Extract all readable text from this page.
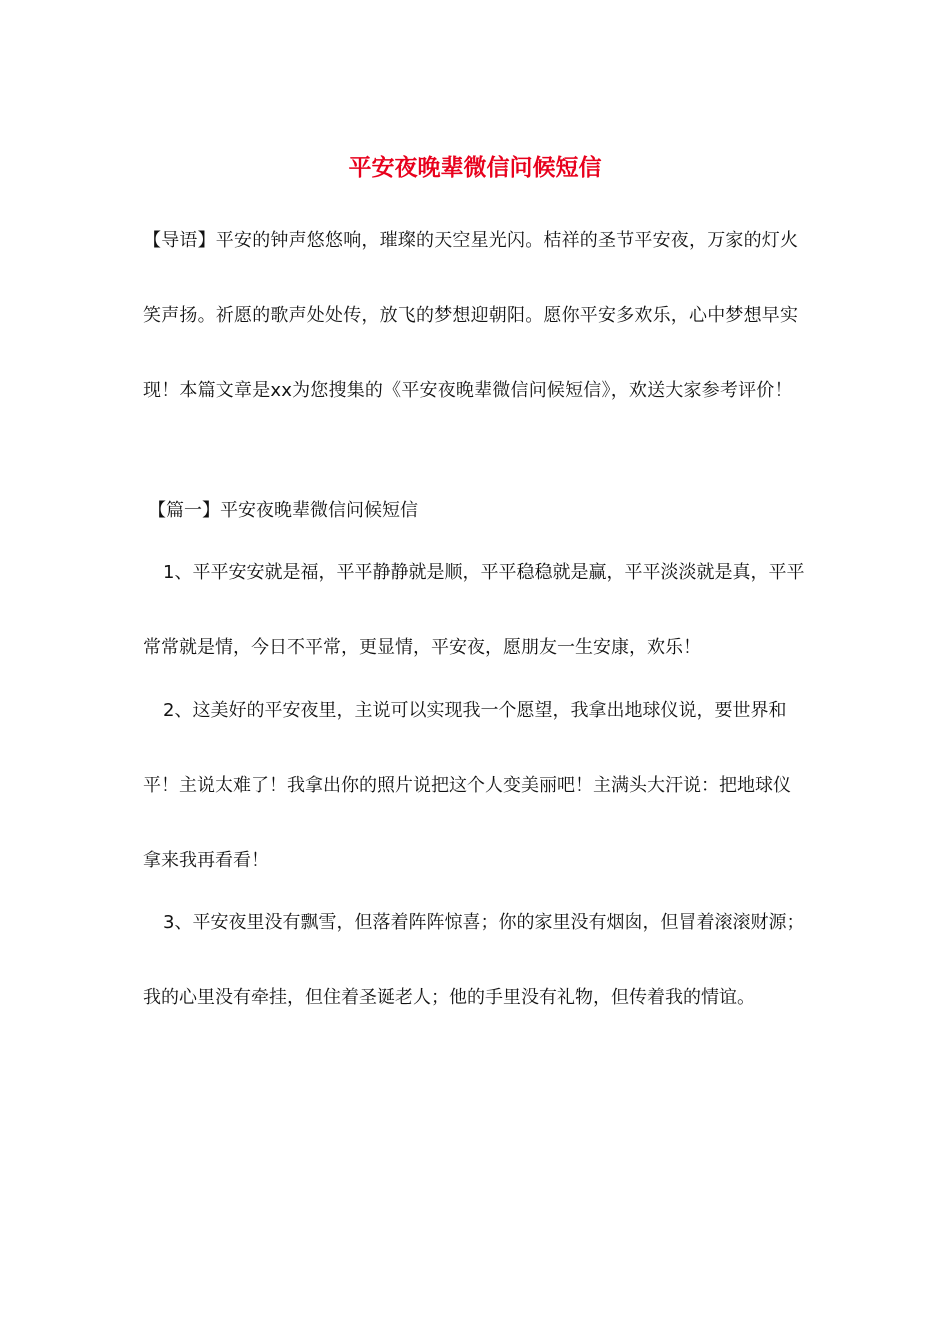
平安夜晚辈微信问候短信
【导语】平安的钟声悠悠响，璀璨的天空星光闪。桔祥的圣节平安夜，万家的灯火笑声扬。祈愿的歌声处处传，放飞的梦想迎朝阳。愿你平安多欢乐，心中梦想早实现！本篇文章是xx为您搜集的《平安夜晚辈微信问候短信》，欢送大家参考评价！
【篇一】平安夜晚辈微信问候短信
1、平平安安就是福，平平静静就是顺，平平稳稳就是赢，平平淡淡就是真，平平常常就是情，今日不平常，更显情，平安夜，愿朋友一生安康，欢乐！
2、这美好的平安夜里，主说可以实现我一个愿望，我拿出地球仪说，要世界和平！主说太难了！我拿出你的照片说把这个人变美丽吧！主满头大汗说：把地球仪拿来我再看看！
3、平安夜里没有飘雪，但落着阵阵惊喜；你的家里没有烟囱，但冒着滚滚财源；我的心里没有牵挂，但住着圣诞老人；他的手里没有礼物，但传着我的情谊。
